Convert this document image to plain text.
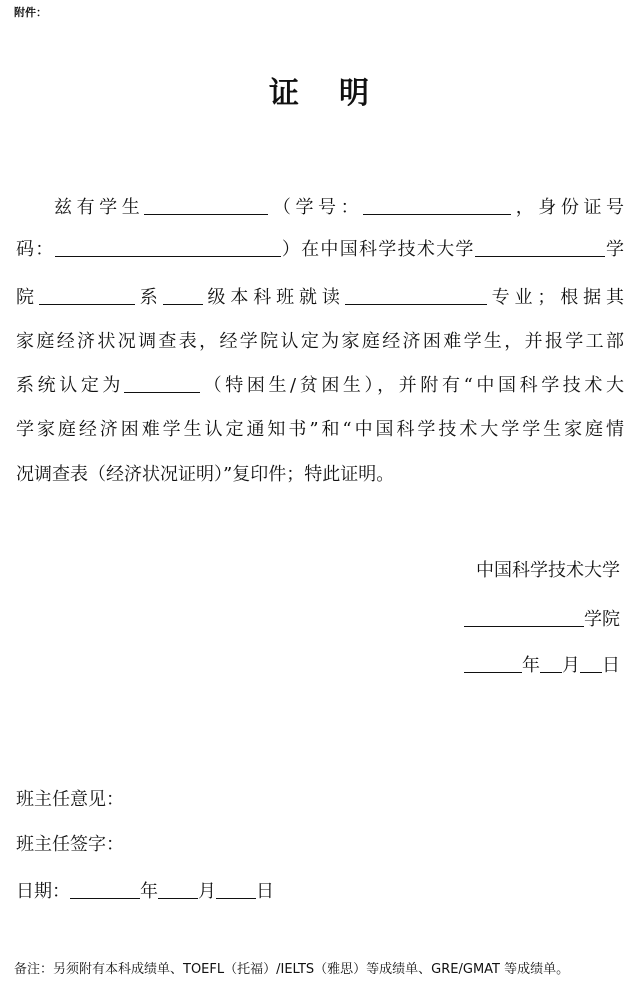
附件：
证 明
兹有学生	（学号：	，身份证号
码：	）在中国科学技术大学	学
院	系 级本科班就读	专业；根据其
家庭经济状况调查表，经学院认定为家庭经济困难学生，并报学工部
系统认定为	（特困生/贫困生），并附有“中国科学技术大
学家庭经济困难学生认定通知书”和“中国科学技术大学学生家庭情
况调查表（经济状况证明）”复印件；特此证明。
中国科学技术大学
学院
年 月 日
班主任意见：
班主任签字：
日期：	年 月 日
备注：另须附有本科成绩单、TOEFL（托福）/IELTS（雅思）等成绩单、GRE/GMAT 等成绩单。
